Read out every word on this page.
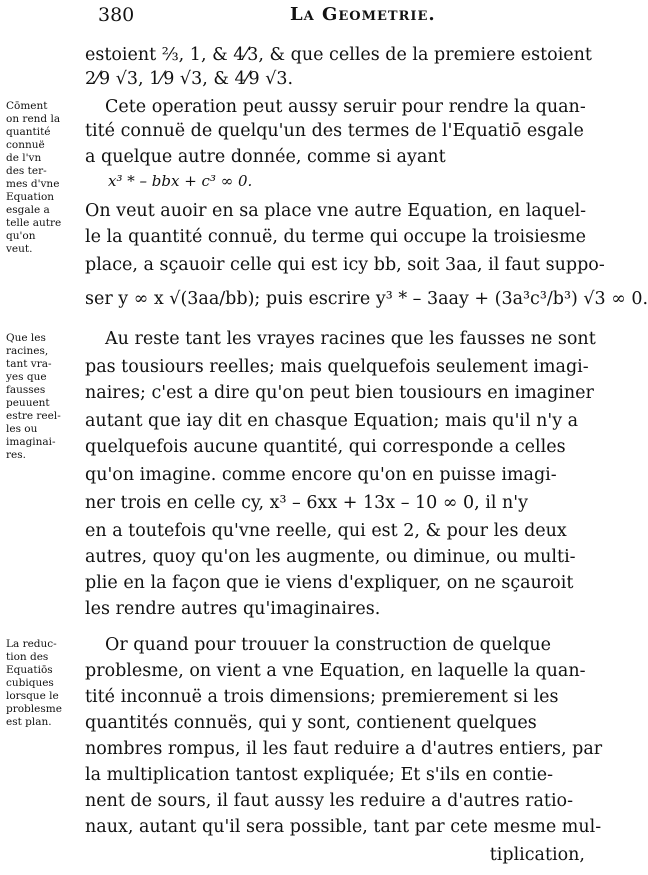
380	La Geometrie.
estoient ⅔, 1, & 4⁄3, & que celles de la premiere estoient
2⁄9 √3, 1⁄9 √3, & 4⁄9 √3.
Cete operation peut aussy seruir pour rendre la quan-
tité connuë de quelqu'un des termes de l'Equatiō esgale
a quelque autre donnée, comme si ayant
x³ * – bbx + c³ ∞ 0.
On veut auoir en sa place vne autre Equation, en laquel-
le la quantité connuë, du terme qui occupe la troisiesme
place, a sçauoir celle qui est icy bb, soit 3aa, il faut suppo-
ser y ∞ x √(3aa/bb); puis escrire y³ * – 3aay + (3a³c³/b³) √3 ∞ 0.
Au reste tant les vrayes racines que les fausses ne sont
pas tousiours reelles; mais quelquefois seulement imagi-
naires; c'est a dire qu'on peut bien tousiours en imaginer
autant que iay dit en chasque Equation; mais qu'il n'y a
quelquefois aucune quantité, qui corresponde a celles
qu'on imagine. comme encore qu'on en puisse imagi-
ner trois en celle cy, x³ – 6xx + 13x – 10 ∞ 0, il n'y
en a toutefois qu'vne reelle, qui est 2, & pour les deux
autres, quoy qu'on les augmente, ou diminue, ou multi-
plie en la façon que ie viens d'expliquer, on ne sçauroit
les rendre autres qu'imaginaires.
Or quand pour trouuer la construction de quelque
problesme, on vient a vne Equation, en laquelle la quan-
tité inconnuë a trois dimensions; premierement si les
quantités connuës, qui y sont, contienent quelques
nombres rompus, il les faut reduire a d'autres entiers, par
la multiplication tantost expliquée; Et s'ils en contie-
nent de sours, il faut aussy les reduire a d'autres ratio-
naux, autant qu'il sera possible, tant par cete mesme mul-
tiplication,
Cōment
on rend la
quantité
connuë
de l'vn
des ter-
mes d'vne
Equation
esgale a
telle autre
qu'on
veut.
Que les
racines,
tant vra-
yes que
fausses
peuuent
estre reel-
les ou
imaginai-
res.
La reduc-
tion des
Equatiōs
cubiques
lorsque le
problesme
est plan.
